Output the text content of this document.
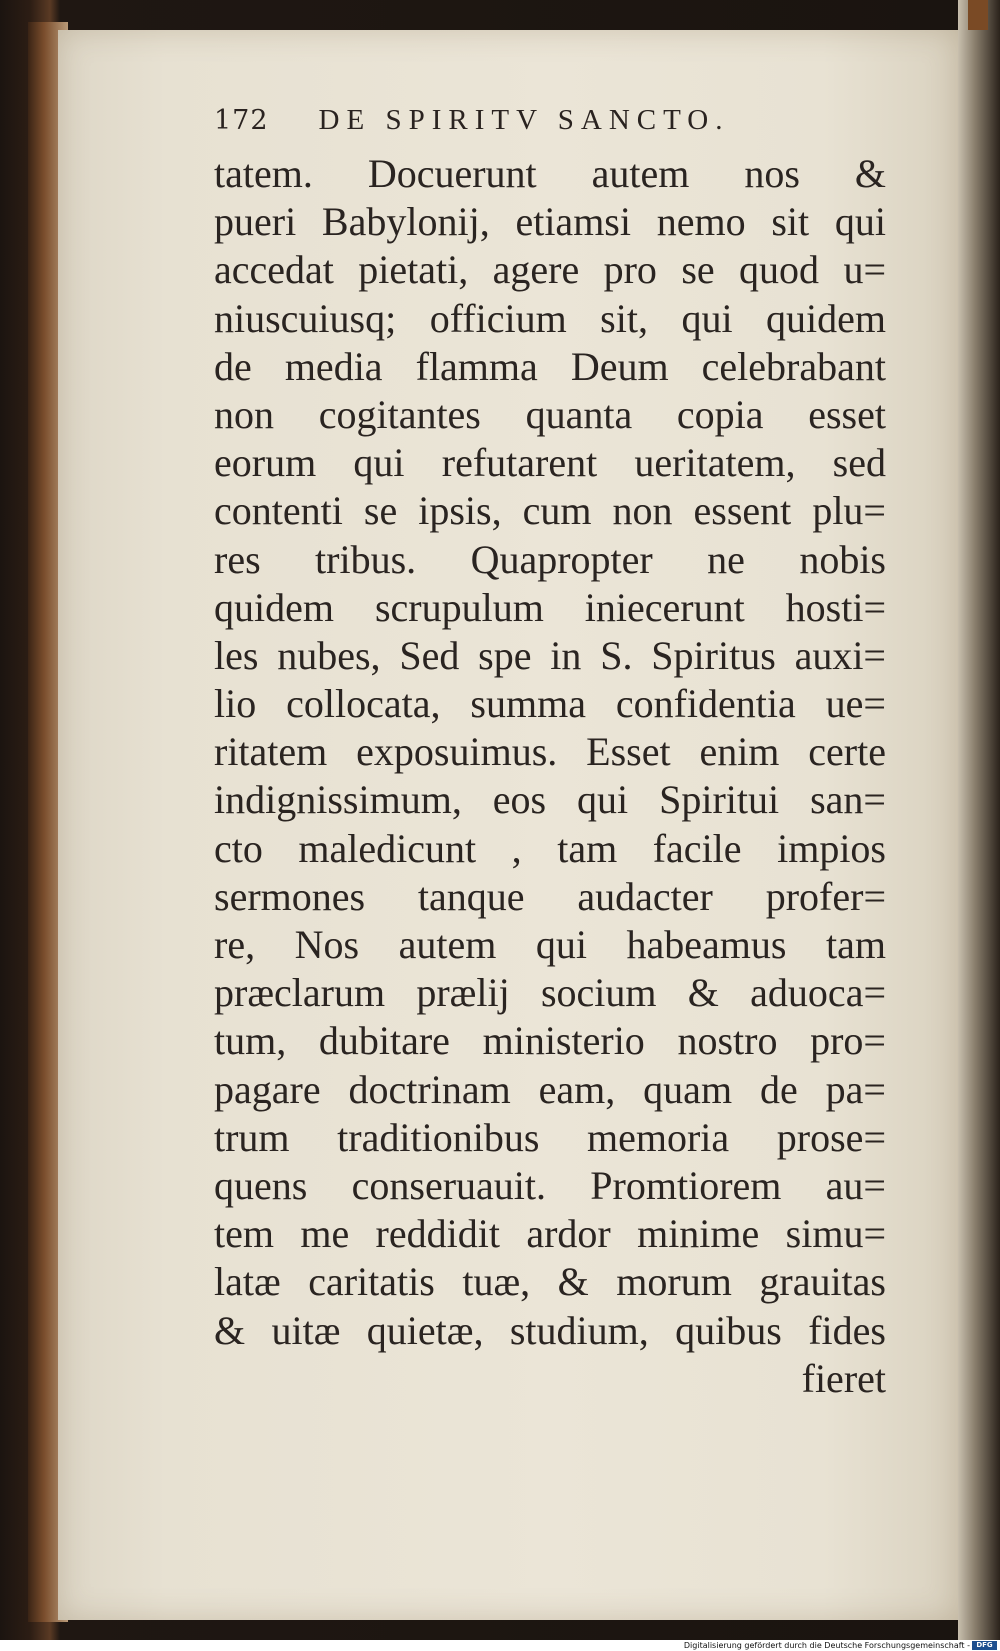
172 DE SPIRITV SANCTO.
tatem. Docuerunt autem nos &
pueri Babylonij, etiamsi nemo sit qui
accedat pietati, agere pro se quod u=
niuscuiusq; officium sit, qui quidem
de media flamma Deum celebrabant
non cogitantes quanta copia esset
eorum qui refutarent ueritatem, sed
contenti se ipsis, cum non essent plu=
res tribus. Quapropter ne nobis
quidem scrupulum iniecerunt hosti=
les nubes, Sed spe in S. Spiritus auxi=
lio collocata, summa confidentia ue=
ritatem exposuimus. Esset enim certe
indignissimum, eos qui Spiritui san=
cto maledicunt , tam facile impios
sermones tanque audacter profer=
re, Nos autem qui habeamus tam
præclarum prælij socium & aduoca=
tum, dubitare ministerio nostro pro=
pagare doctrinam eam, quam de pa=
trum traditionibus memoria prose=
quens conseruauit. Promtiorem au=
tem me reddidit ardor minime simu=
latæ caritatis tuæ, & morum grauitas
& uitæ quietæ, studium, quibus fides
fieret
Digitalisierung gefördert durch die Deutsche Forschungsgemeinschaft - DFG
